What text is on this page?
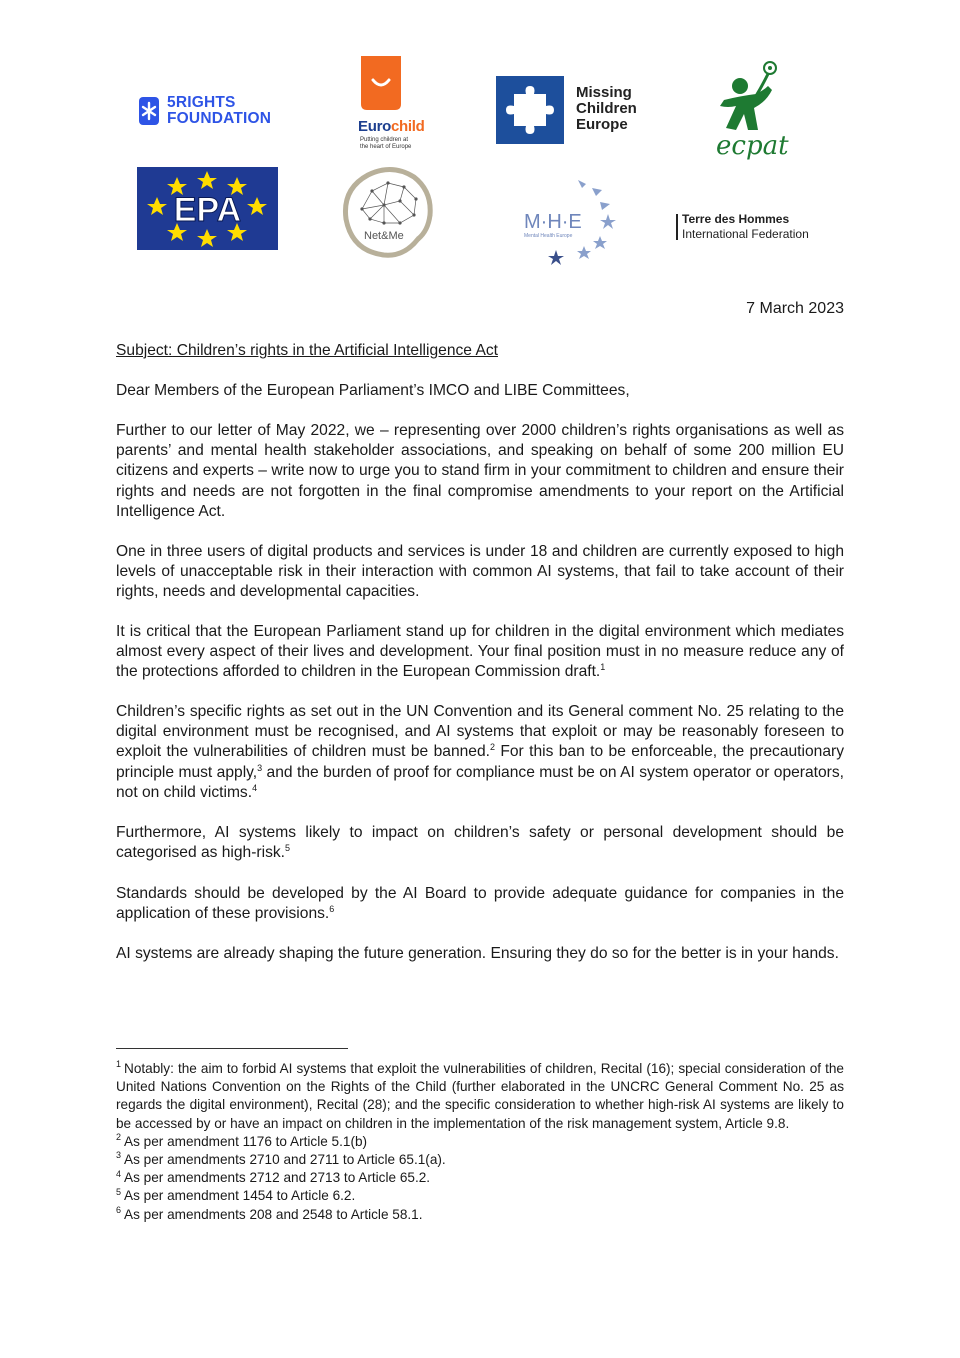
5RIGHTS
FOUNDATION	Eurochild
Putting children at
the heart of Europe
Missing
Children
Europe
ecpat
EPA
Net&Me
M·H·E
Mental Health Europe
Terre des Hommes
International Federation
7 March 2023
Subject: Children’s rights in the Artificial Intelligence Act
Dear Members of the European Parliament’s IMCO and LIBE Committees,
Further to our letter of May 2022, we – representing over 2000 children’s rights organisations as well as parents’ and mental health stakeholder associations, and speaking on behalf of some 200 million EU citizens and experts – write now to urge you to stand firm in your commitment to children and ensure their rights and needs are not forgotten in the final compromise amendments to your report on the Artificial Intelligence Act.
One in three users of digital products and services is under 18 and children are currently exposed to high levels of unacceptable risk in their interaction with common AI systems, that fail to take account of their rights, needs and developmental capacities.
It is critical that the European Parliament stand up for children in the digital environment which mediates almost every aspect of their lives and development. Your final position must in no measure reduce any of the protections afforded to children in the European Commission draft.$^1$
Children’s specific rights as set out in the UN Convention and its General comment No. 25 relating to the digital environment must be recognised, and AI systems that exploit or may be reasonably foreseen to exploit the vulnerabilities of children must be banned.$^2$ For this ban to be enforceable, the precautionary principle must apply,$^3$ and the burden of proof for compliance must be on AI system operator or operators, not on child victims.$^4$
Furthermore, AI systems likely to impact on children’s safety or personal development should be categorised as high-risk.$^5$
Standards should be developed by the AI Board to provide adequate guidance for companies in the application of these provisions.$^6$
AI systems are already shaping the future generation. Ensuring they do so for the better is in your hands.
$^1$ Notably: the aim to forbid AI systems that exploit the vulnerabilities of children, Recital (16); special consideration of the United Nations Convention on the Rights of the Child (further elaborated in the UNCRC General Comment No. 25 as regards the digital environment), Recital (28); and the specific consideration to whether high-risk AI systems are likely to be accessed by or have an impact on children in the implementation of the risk management system, Article 9.8.
$^2$ As per amendment 1176 to Article 5.1(b)
$^3$ As per amendments 2710 and 2711 to Article 65.1(a).
$^4$ As per amendments 2712 and 2713 to Article 65.2.
$^5$ As per amendment 1454 to Article 6.2.
$^6$ As per amendments 208 and 2548 to Article 58.1.
